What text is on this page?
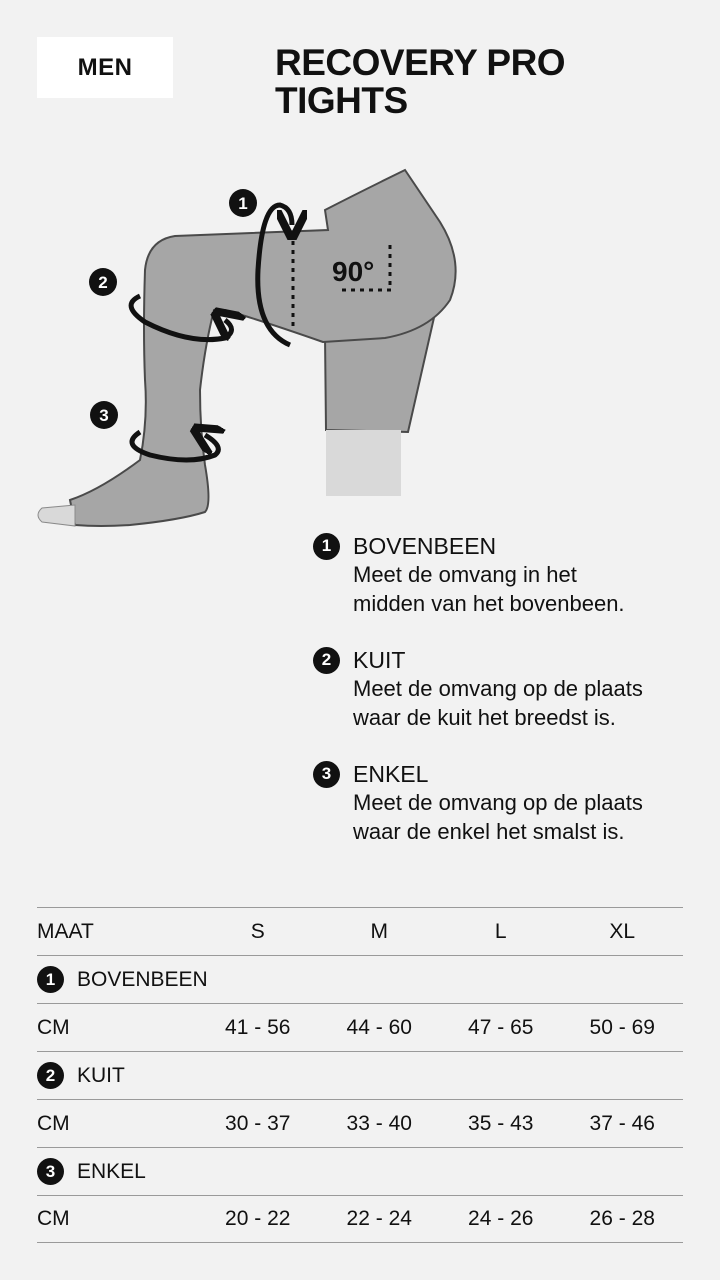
MEN	RECOVERY PRO
TIGHTS
90°
1
2
3
1 BOVENBEEN
Meet de omvang in het
midden van het bovenbeen.
2 KUIT
Meet de omvang op de plaats
waar de kuit het breedst is.
3 ENKEL
Meet de omvang op de plaats
waar de enkel het smalst is.
MAAT	S	M	L	XL
1	BOVENBEEN
CM	41 - 56	44 - 60	47 - 65	50 - 69
2	KUIT
CM	30 - 37	33 - 40	35 - 43	37 - 46
3	ENKEL
CM	20 - 22	22 - 24	24 - 26	26 - 28
